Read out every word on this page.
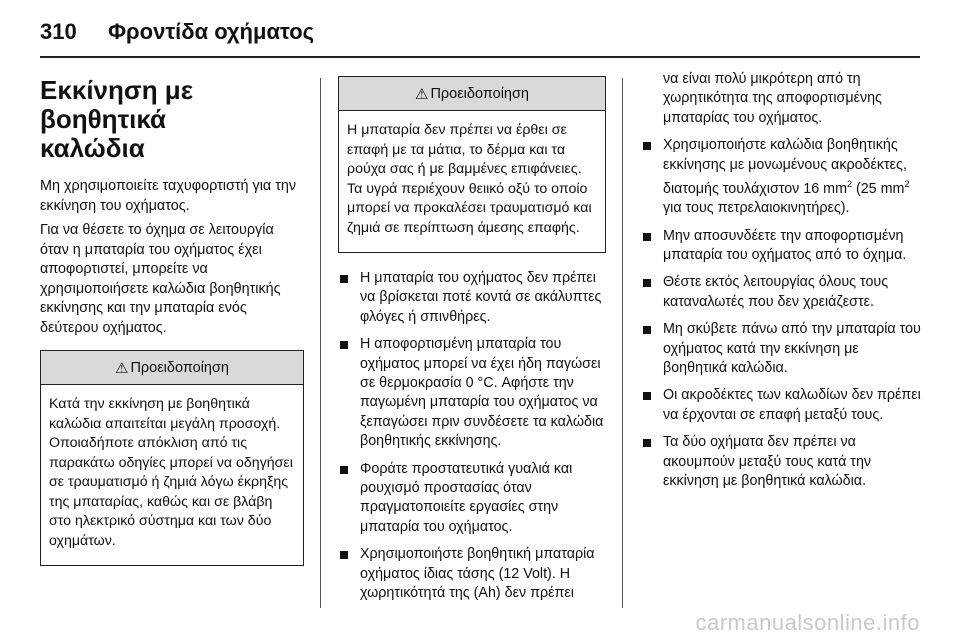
310	Φροντίδα οχήματος
Εκκίνηση με βοηθητικά
καλώδια

Μη χρησιμοποιείτε ταχυφορτιστή για την εκκίνηση του οχήματος.

Για να θέσετε το όχημα σε λειτουργία όταν η μπαταρία του οχήματος έχει αποφορτιστεί, μπορείτε να χρησιμοποιήσετε καλώδια βοηθητικής εκκίνησης και την μπαταρία ενός δεύτερου οχήματος.

⚠ Προειδοποίηση
Κατά την εκκίνηση με βοηθητικά καλώδια απαιτείται μεγάλη προσοχή. Οποιαδήποτε απόκλιση από τις παρακάτω οδηγίες μπορεί να οδηγήσει σε τραυματισμό ή ζημιά λόγω έκρηξης της μπαταρίας, καθώς και σε βλάβη στο ηλεκτρικό σύστημα και των δύο οχημάτων.
⚠ Προειδοποίηση
Η μπαταρία δεν πρέπει να έρθει σε επαφή με τα μάτια, το δέρμα και τα ρούχα σας ή με βαμμένες επιφάνειες. Τα υγρά περιέχουν θειικό οξύ το οποίο μπορεί να προκαλέσει τραυματισμό και ζημιά σε περίπτωση άμεσης επαφής.
Η μπαταρία του οχήματος δεν πρέπει να βρίσκεται ποτέ κοντά σε ακάλυπτες φλόγες ή σπινθήρες.
Η αποφορτισμένη μπαταρία του οχήματος μπορεί να έχει ήδη παγώσει σε θερμοκρασία 0 °C. Αφήστε την παγωμένη μπαταρία του οχήματος να ξεπαγώσει πριν συνδέσετε τα καλώδια βοηθητικής εκκίνησης.
Φοράτε προστατευτικά γυαλιά και ρουχισμό προστασίας όταν πραγματοποιείτε εργασίες στην μπαταρία του οχήματος.
Χρησιμοποιήστε βοηθητική μπαταρία οχήματος ίδιας τάσης (12 Volt). Η χωρητικότητά της (Ah) δεν πρέπει

να είναι πολύ μικρότερη από τη χωρητικότητα της αποφορτισμένης μπαταρίας του οχήματος.

Χρησιμοποιήστε καλώδια βοηθητικής εκκίνησης με μονωμένους ακροδέκτες, διατομής τουλάχιστον 16 $mm^2$ (25 $mm^2$ για τους πετρελαιοκινητήρες).
Μην αποσυνδέετε την αποφορτισμένη μπαταρία του οχήματος από το όχημα.
Θέστε εκτός λειτουργίας όλους τους καταναλωτές που δεν χρειάζεστε.
Μη σκύβετε πάνω από την μπαταρία του οχήματος κατά την εκκίνηση με βοηθητικά καλώδια.
Οι ακροδέκτες των καλωδίων δεν πρέπει να έρχονται σε επαφή μεταξύ τους.
Τα δύο οχήματα δεν πρέπει να ακουμπούν μεταξύ τους κατά την εκκίνηση με βοηθητικά καλώδια.
carmanualsonline.info
